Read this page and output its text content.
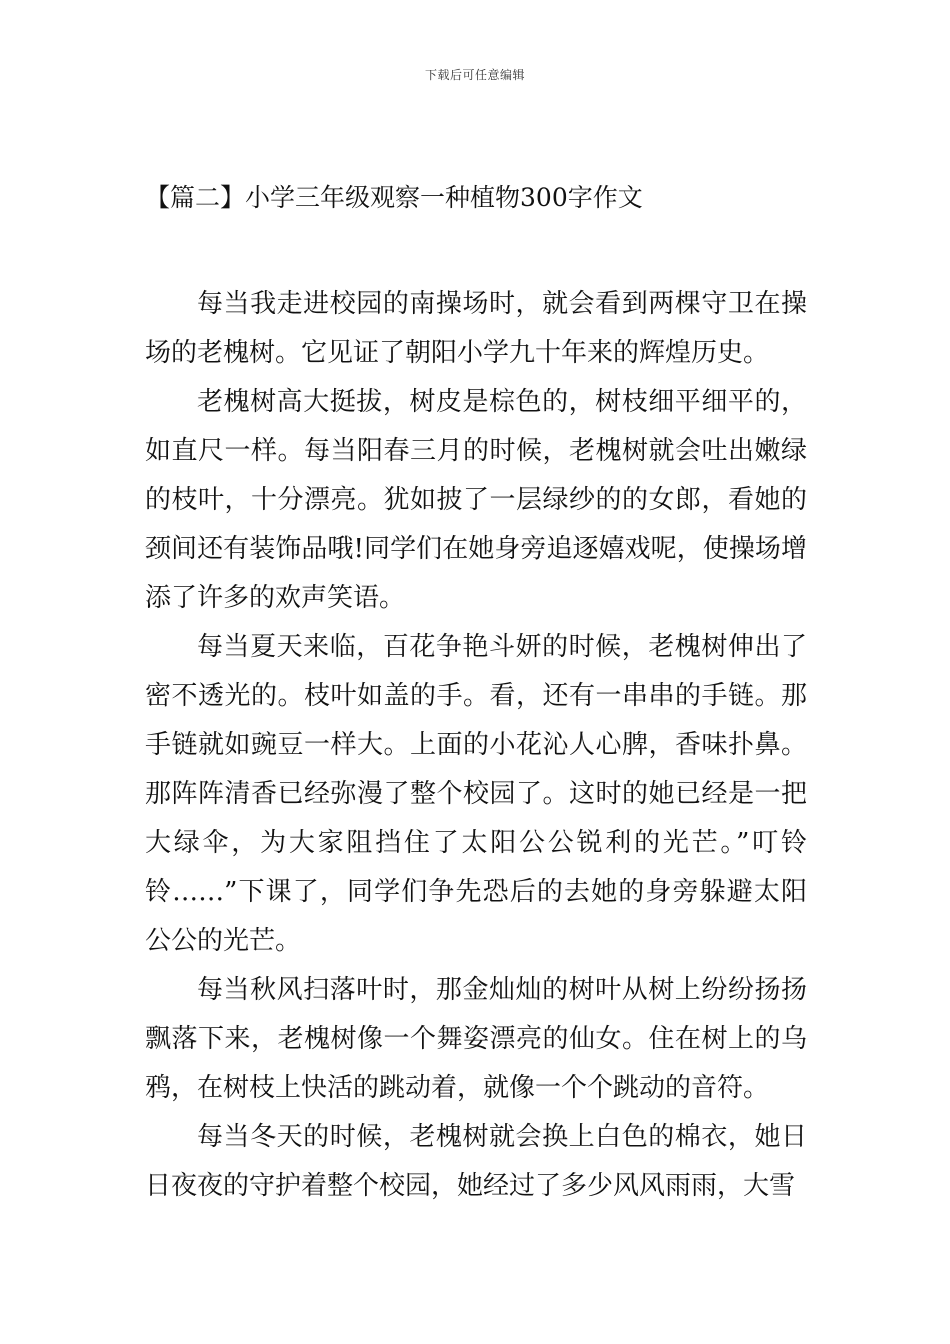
下载后可任意编辑
【篇二】小学三年级观察一种植物300字作文

每当我走进校园的南操场时，就会看到两棵守卫在操场的老槐树。它见证了朝阳小学九十年来的辉煌历史。

老槐树高大挺拔，树皮是棕色的，树枝细平细平的，如直尺一样。每当阳春三月的时候，老槐树就会吐出嫩绿的枝叶，十分漂亮。犹如披了一层绿纱的的女郎，看她的颈间还有装饰品哦!同学们在她身旁追逐嬉戏呢，使操场增添了许多的欢声笑语。

每当夏天来临，百花争艳斗妍的时候，老槐树伸出了密不透光的。枝叶如盖的手。看，还有一串串的手链。那手链就如豌豆一样大。上面的小花沁人心脾，香味扑鼻。那阵阵清香已经弥漫了整个校园了。这时的她已经是一把大绿伞，为大家阻挡住了太阳公公锐利的光芒。”叮铃铃……”下课了，同学们争先恐后的去她的身旁躲避太阳公公的光芒。

每当秋风扫落叶时，那金灿灿的树叶从树上纷纷扬扬飘落下来，老槐树像一个舞姿漂亮的仙女。住在树上的乌鸦，在树枝上快活的跳动着，就像一个个跳动的音符。

每当冬天的时候，老槐树就会换上白色的棉衣，她日日夜夜的守护着整个校园，她经过了多少风风雨雨，大雪
